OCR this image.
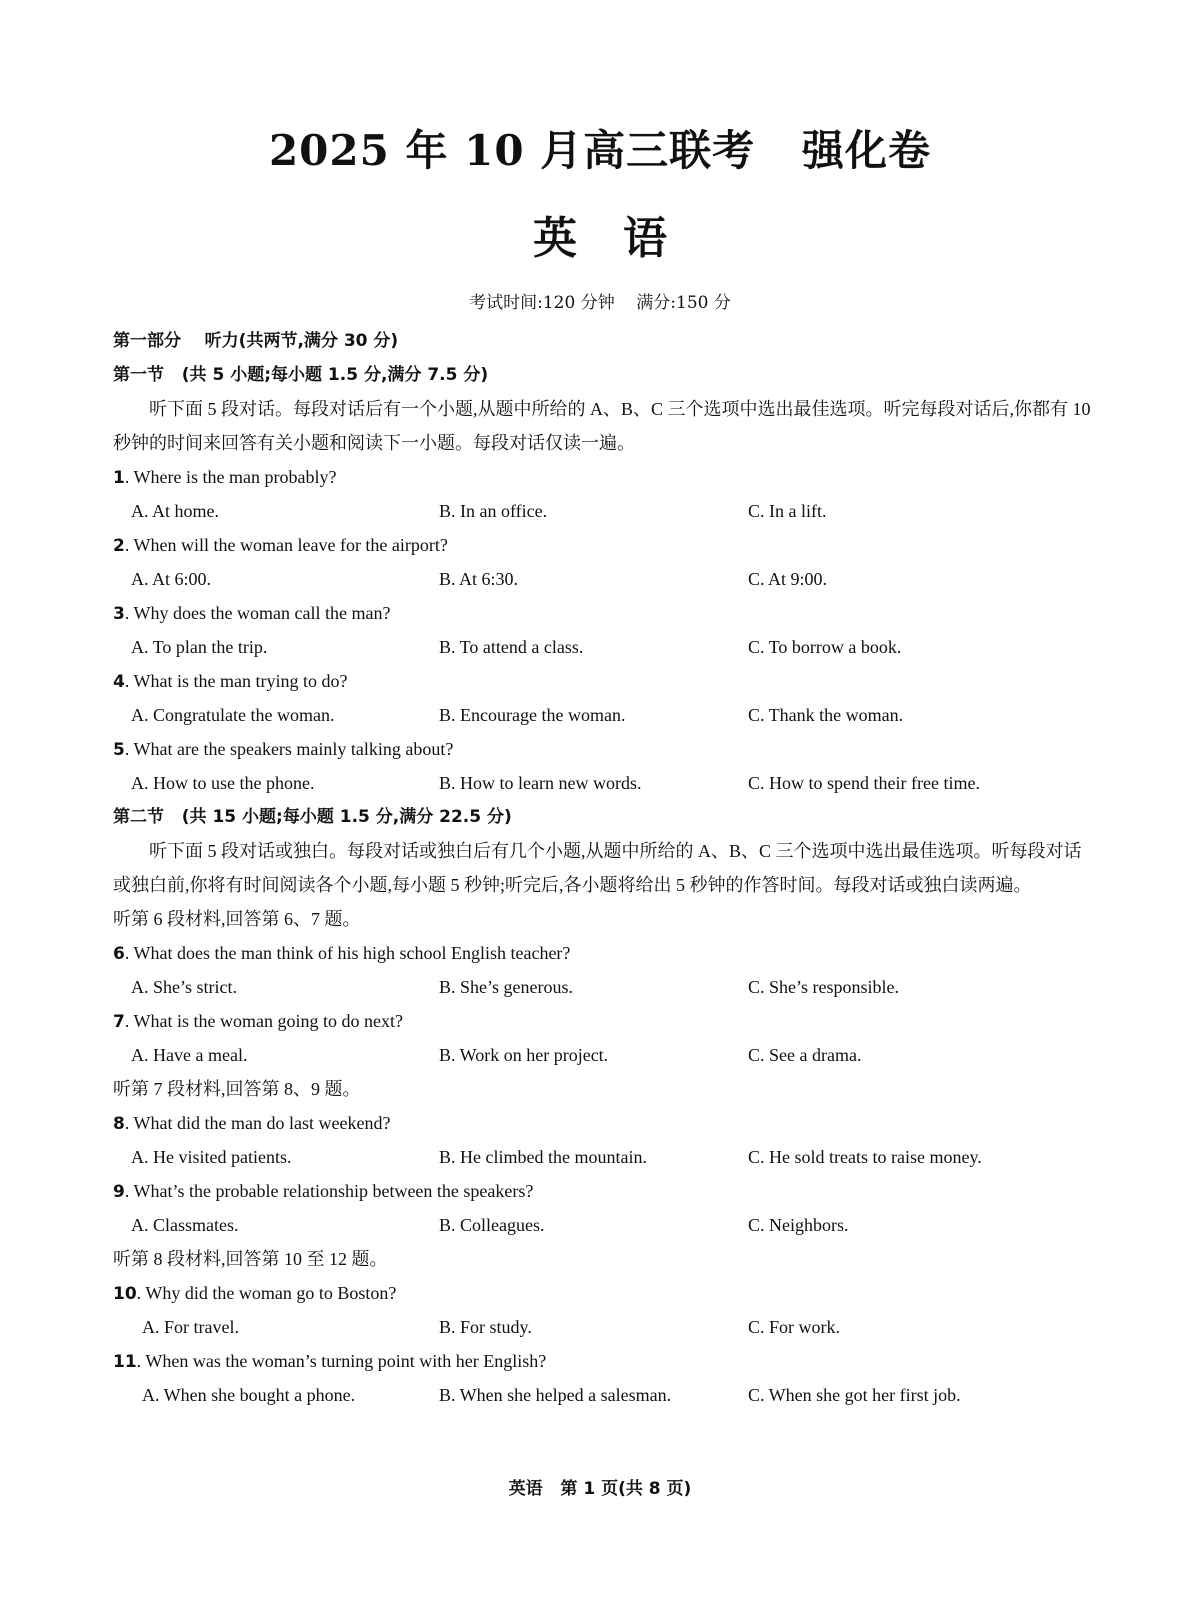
2025 年 10 月高三联考   强化卷
英   语
考试时间:120 分钟    满分:150 分
第一部分    听力(共两节,满分 30 分)
第一节   (共 5 小题;每小题 1.5 分,满分 7.5 分)
听下面 5 段对话。每段对话后有一个小题,从题中所给的 A、B、C 三个选项中选出最佳选项。听完每段对话后,你都有 10 秒钟的时间来回答有关小题和阅读下一小题。每段对话仅读一遍。
1. Where is the man probably?
A. At home.	B. In an office.	C. In a lift.
2. When will the woman leave for the airport?
A. At 6:00.	B. At 6:30.	C. At 9:00.
3. Why does the woman call the man?
A. To plan the trip.	B. To attend a class.	C. To borrow a book.
4. What is the man trying to do?
A. Congratulate the woman.	B. Encourage the woman.	C. Thank the woman.
5. What are the speakers mainly talking about?
A. How to use the phone.	B. How to learn new words.	C. How to spend their free time.
第二节   (共 15 小题;每小题 1.5 分,满分 22.5 分)
听下面 5 段对话或独白。每段对话或独白后有几个小题,从题中所给的 A、B、C 三个选项中选出最佳选项。听每段对话或独白前,你将有时间阅读各个小题,每小题 5 秒钟;听完后,各小题将给出 5 秒钟的作答时间。每段对话或独白读两遍。
听第 6 段材料,回答第 6、7 题。
6. What does the man think of his high school English teacher?
A. She’s strict.	B. She’s generous.	C. She’s responsible.
7. What is the woman going to do next?
A. Have a meal.	B. Work on her project.	C. See a drama.
听第 7 段材料,回答第 8、9 题。
8. What did the man do last weekend?
A. He visited patients.	B. He climbed the mountain.	C. He sold treats to raise money.
9. What’s the probable relationship between the speakers?
A. Classmates.	B. Colleagues.	C. Neighbors.
听第 8 段材料,回答第 10 至 12 题。
10. Why did the woman go to Boston?
A. For travel.	B. For study.	C. For work.
11. When was the woman’s turning point with her English?
A. When she bought a phone.	B. When she helped a salesman.	C. When she got her first job.
英语   第 1 页(共 8 页)
